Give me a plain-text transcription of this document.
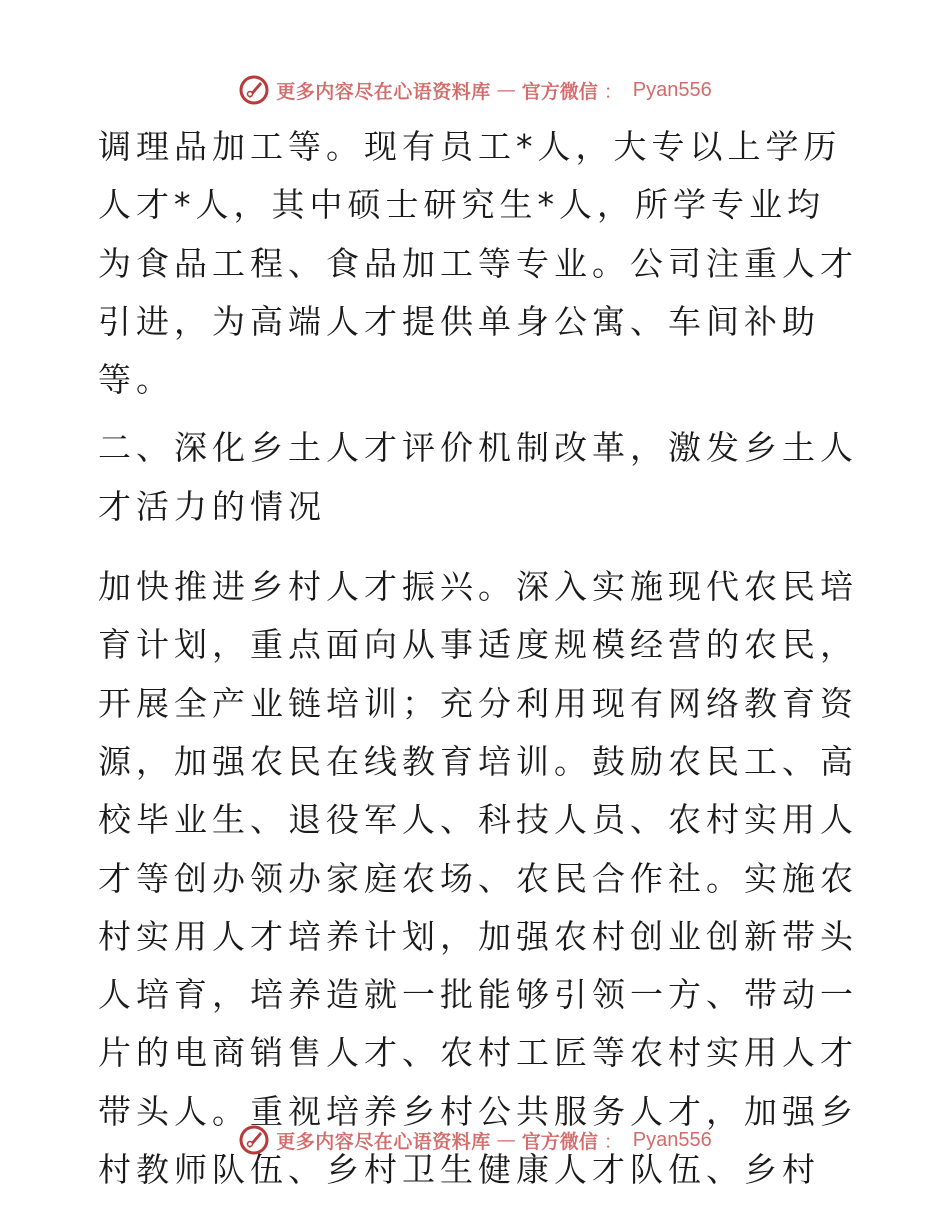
更多内容尽在心语资料库 — 官方微信 ： Pyan556

调理品加工等。现有员工*人，大专以上学历人才*人，其中硕士研究生*人，所学专业均为食品工程、食品加工等专业。公司注重人才引进，为高端人才提供单身公寓、车间补助等。

二、深化乡土人才评价机制改革，激发乡土人才活力的情况

加快推进乡村人才振兴。深入实施现代农民培育计划，重点面向从事适度规模经营的农民，开展全产业链培训；充分利用现有网络教育资源，加强农民在线教育培训。鼓励农民工、高校毕业生、退役军人、科技人员、农村实用人才等创办领办家庭农场、农民合作社。实施农村实用人才培养计划，加强农村创业创新带头人培育，培养造就一批能够引领一方、带动一片的电商销售人才、农村工匠等农村实用人才带头人。重视培养乡村公共服务人才，加强乡村教师队伍、乡村卫生健康人才队伍、乡村

更多内容尽在心语资料库 — 官方微信 ： Pyan556
